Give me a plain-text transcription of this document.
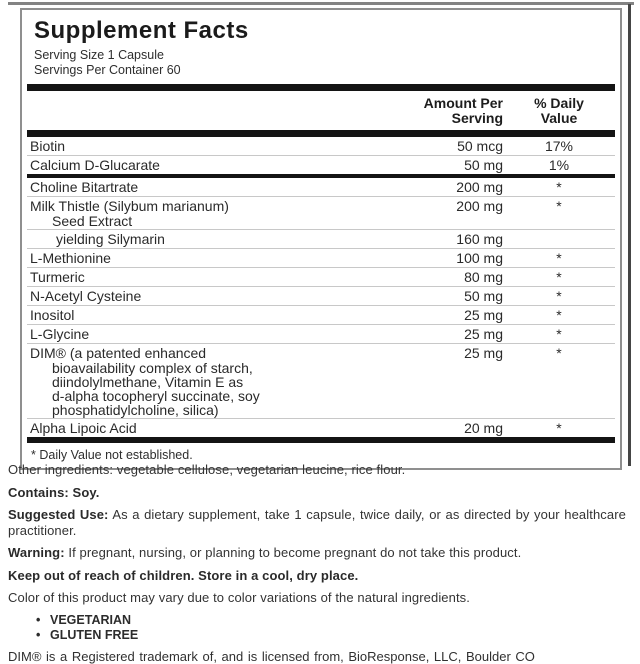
Supplement Facts
Serving Size 1 Capsule
Servings Per Container 60
Amount Per
Serving
% Daily
Value
Biotin	50 mcg	17%
Calcium D-Glucarate	50 mg	1%
Choline Bitartrate	200 mg	*
Milk Thistle (Silybum marianum)
Seed Extract
200 mg	*
yielding Silymarin	160 mg
L-Methionine	100 mg	*
Turmeric	80 mg	*
N-Acetyl Cysteine	50 mg	*
Inositol	25 mg	*
L-Glycine	25 mg	*
DIM® (a patented enhanced
bioavailability complex of starch,
diindolylmethane, Vitamin E as
d-alpha tocopheryl succinate, soy
phosphatidylcholine, silica)
25 mg	*
Alpha Lipoic Acid	20 mg	*
* Daily Value not established.

Other ingredients: vegetable cellulose, vegetarian leucine, rice flour.

Contains: Soy.

Suggested Use: As a dietary supplement, take 1 capsule, twice daily, or as directed by your healthcare practitioner.

Warning: If pregnant, nursing, or planning to become pregnant do not take this product.

Keep out of reach of children. Store in a cool, dry place.

Color of this product may vary due to color variations of the natural ingredients.

• VEGETARIAN
• GLUTEN FREE
DIM® is a Registered trademark of, and is licensed from, BioResponse, LLC, Boulder CO
